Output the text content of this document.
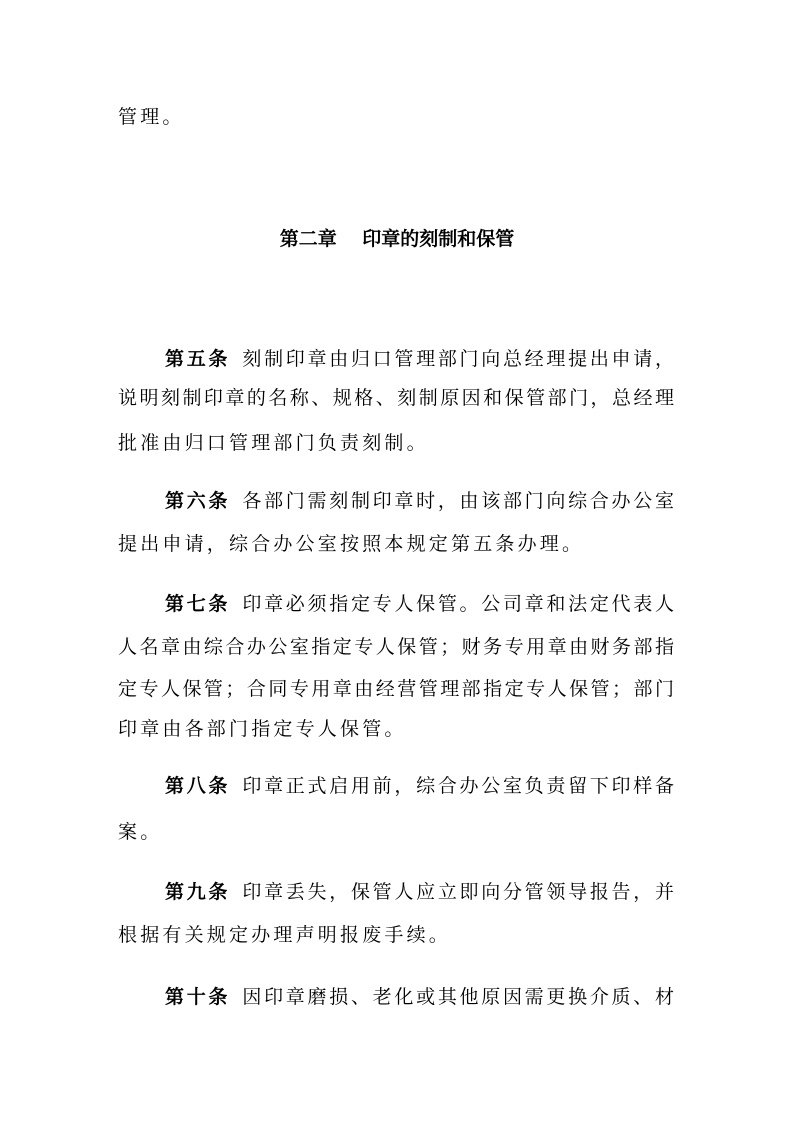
管理。
第二章　 印章的刻制和保管
第五条  刻制印章由归口管理部门向总经理提出申请，
说明刻制印章的名称、规格、刻制原因和保管部门，总经理
批准由归口管理部门负责刻制。
第六条  各部门需刻制印章时，由该部门向综合办公室
提出申请，综合办公室按照本规定第五条办理。
第七条  印章必须指定专人保管。公司章和法定代表人
人名章由综合办公室指定专人保管；财务专用章由财务部指
定专人保管；合同专用章由经营管理部指定专人保管；部门
印章由各部门指定专人保管。
第八条  印章正式启用前，综合办公室负责留下印样备
案。
第九条  印章丢失，保管人应立即向分管领导报告，并
根据有关规定办理声明报废手续。
第十条  因印章磨损、老化或其他原因需更换介质、材
